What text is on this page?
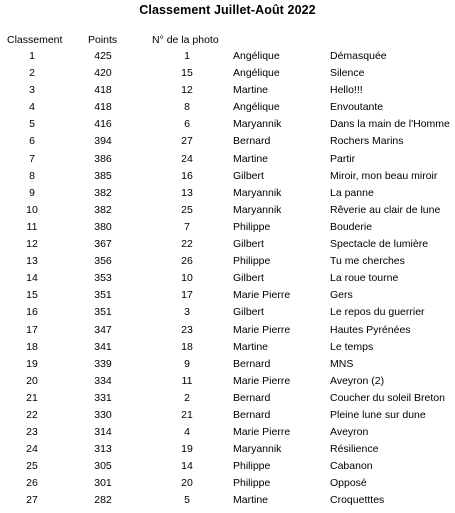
Classement Juillet-Août 2022
Classement Points	N° de la photo
1	425	1	Angélique	Démasquée
2	420	15	Angélique	Silence
3	418	12	Martine	Hello!!!
4	418	8	Angélique	Envoutante
5	416	6	Maryannik	Dans la main de l'Homme
6	394	27	Bernard	Rochers Marins
7	386	24	Martine	Partir
8	385	16	Gilbert	Miroir, mon beau miroir
9	382	13	Maryannik	La panne
10	382	25	Maryannik	Rêverie au clair de lune
11	380	7	Philippe	Bouderie
12	367	22	Gilbert	Spectacle de lumière
13	356	26	Philippe	Tu me cherches
14	353	10	Gilbert	La roue tourne
15	351	17	Marie Pierre	Gers
16	351	3	Gilbert	Le repos du guerrier
17	347	23	Marie Pierre	Hautes Pyrénées
18	341	18	Martine	Le temps
19	339	9	Bernard	MNS
20	334	11	Marie Pierre	Aveyron (2)
21	331	2	Bernard	Coucher du soleil Breton
22	330	21	Bernard	Pleine lune sur dune
23	314	4	Marie Pierre	Aveyron
24	313	19	Maryannik	Résilience
25	305	14	Philippe	Cabanon
26	301	20	Philippe	Opposé
27	282	5	Martine	Croquetttes
